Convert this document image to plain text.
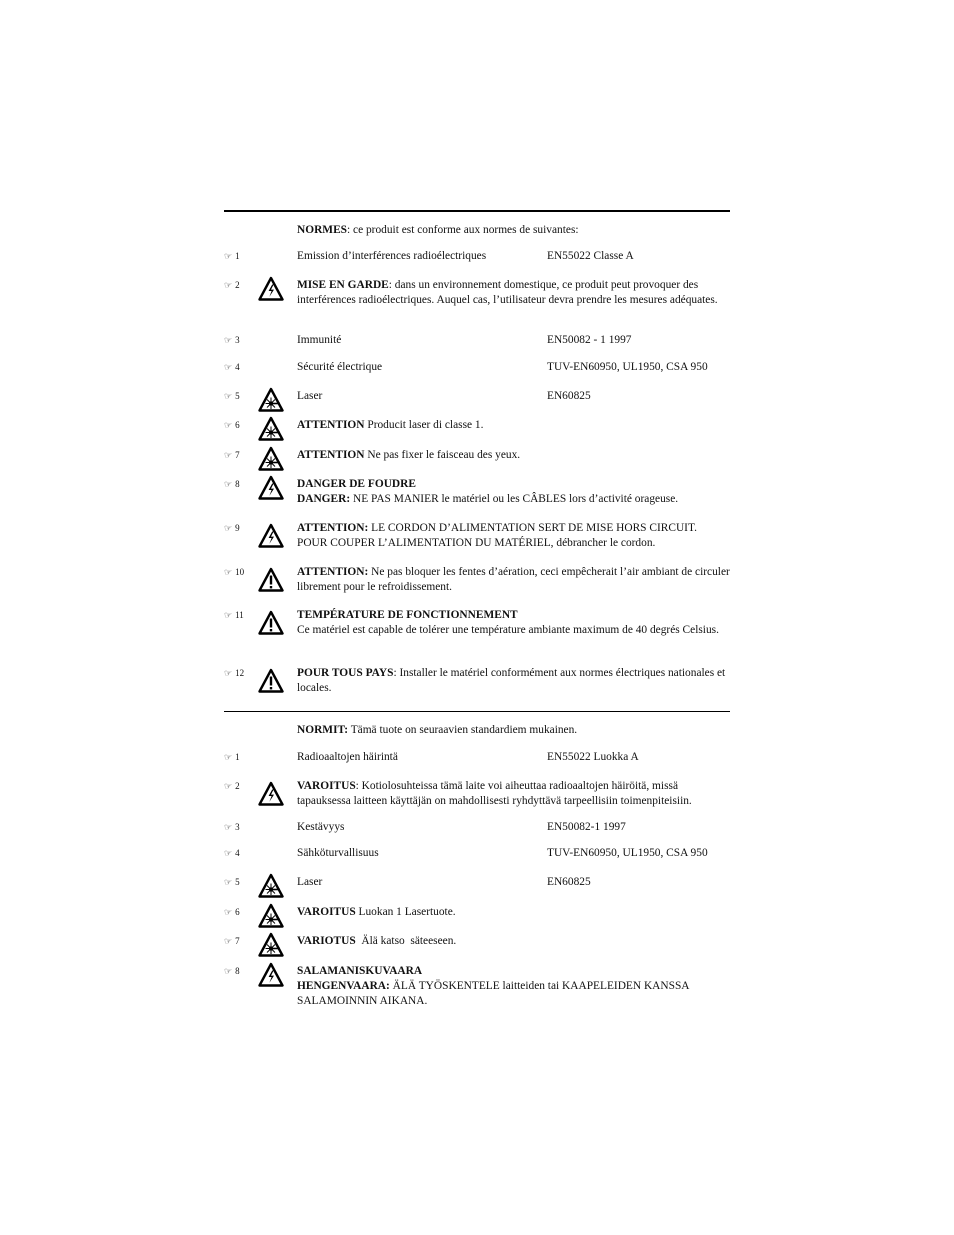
NORMES: ce produit est conforme aux normes de suivantes:
☞ 1	Emission d’interférences radioélectriques	EN55022 Classe A
☞ 2	MISE EN GARDE: dans un environnement domestique, ce produit peut provoquer des interférences radioélectriques. Auquel cas, l’utilisateur devra prendre les mesures adéquates.
☞ 3	Immunité	EN50082 - 1 1997
☞ 4	Sécurité électrique	TUV-EN60950, UL1950, CSA 950
☞ 5	Laser	EN60825
☞ 6	ATTENTION Producit laser di classe 1.
☞ 7	ATTENTION Ne pas fixer le faisceau des yeux.
☞ 8	DANGER DE FOUDRE
DANGER: NE PAS MANIER le matériel ou les CÂBLES lors d’activité orageuse.
☞ 9	ATTENTION: LE CORDON D’ALIMENTATION SERT DE MISE HORS CIRCUIT. POUR COUPER L’ALIMENTATION DU MATÉRIEL, débrancher le cordon.
☞ 10	ATTENTION: Ne pas bloquer les fentes d’aération, ceci empêcherait l’air ambiant de circuler librement pour le refroidissement.
☞ 11	TEMPÉRATURE DE FONCTIONNEMENT
Ce matériel est capable de tolérer une température ambiante maximum de 40 degrés Celsius.
☞ 12	POUR TOUS PAYS: Installer le matériel conformément aux normes électriques nationales et locales.
NORMIT: Tämä tuote on seuraavien standardiem mukainen.
☞ 1	Radioaaltojen häirintä	EN55022 Luokka A
☞ 2	VAROITUS: Kotiolosuhteissa tämä laite voi aiheuttaa radioaaltojen häiröitä, missä tapauksessa laitteen käyttäjän on mahdollisesti ryhdyttävä tarpeellisiin toimenpiteisiin.
☞ 3	Kestävyys	EN50082-1 1997
☞ 4	Sähköturvallisuus	TUV-EN60950, UL1950, CSA 950
☞ 5	Laser	EN60825
☞ 6	VAROITUS Luokan 1 Lasertuote.
☞ 7	VARIOTUS  Älä katso  säteeseen.
☞ 8	SALAMANISKUVAARA
HENGENVAARA: ÄLÄ TYÖSKENTELE laitteiden tai KAAPELEIDEN KANSSA SALAMOINNIN AIKANA.
